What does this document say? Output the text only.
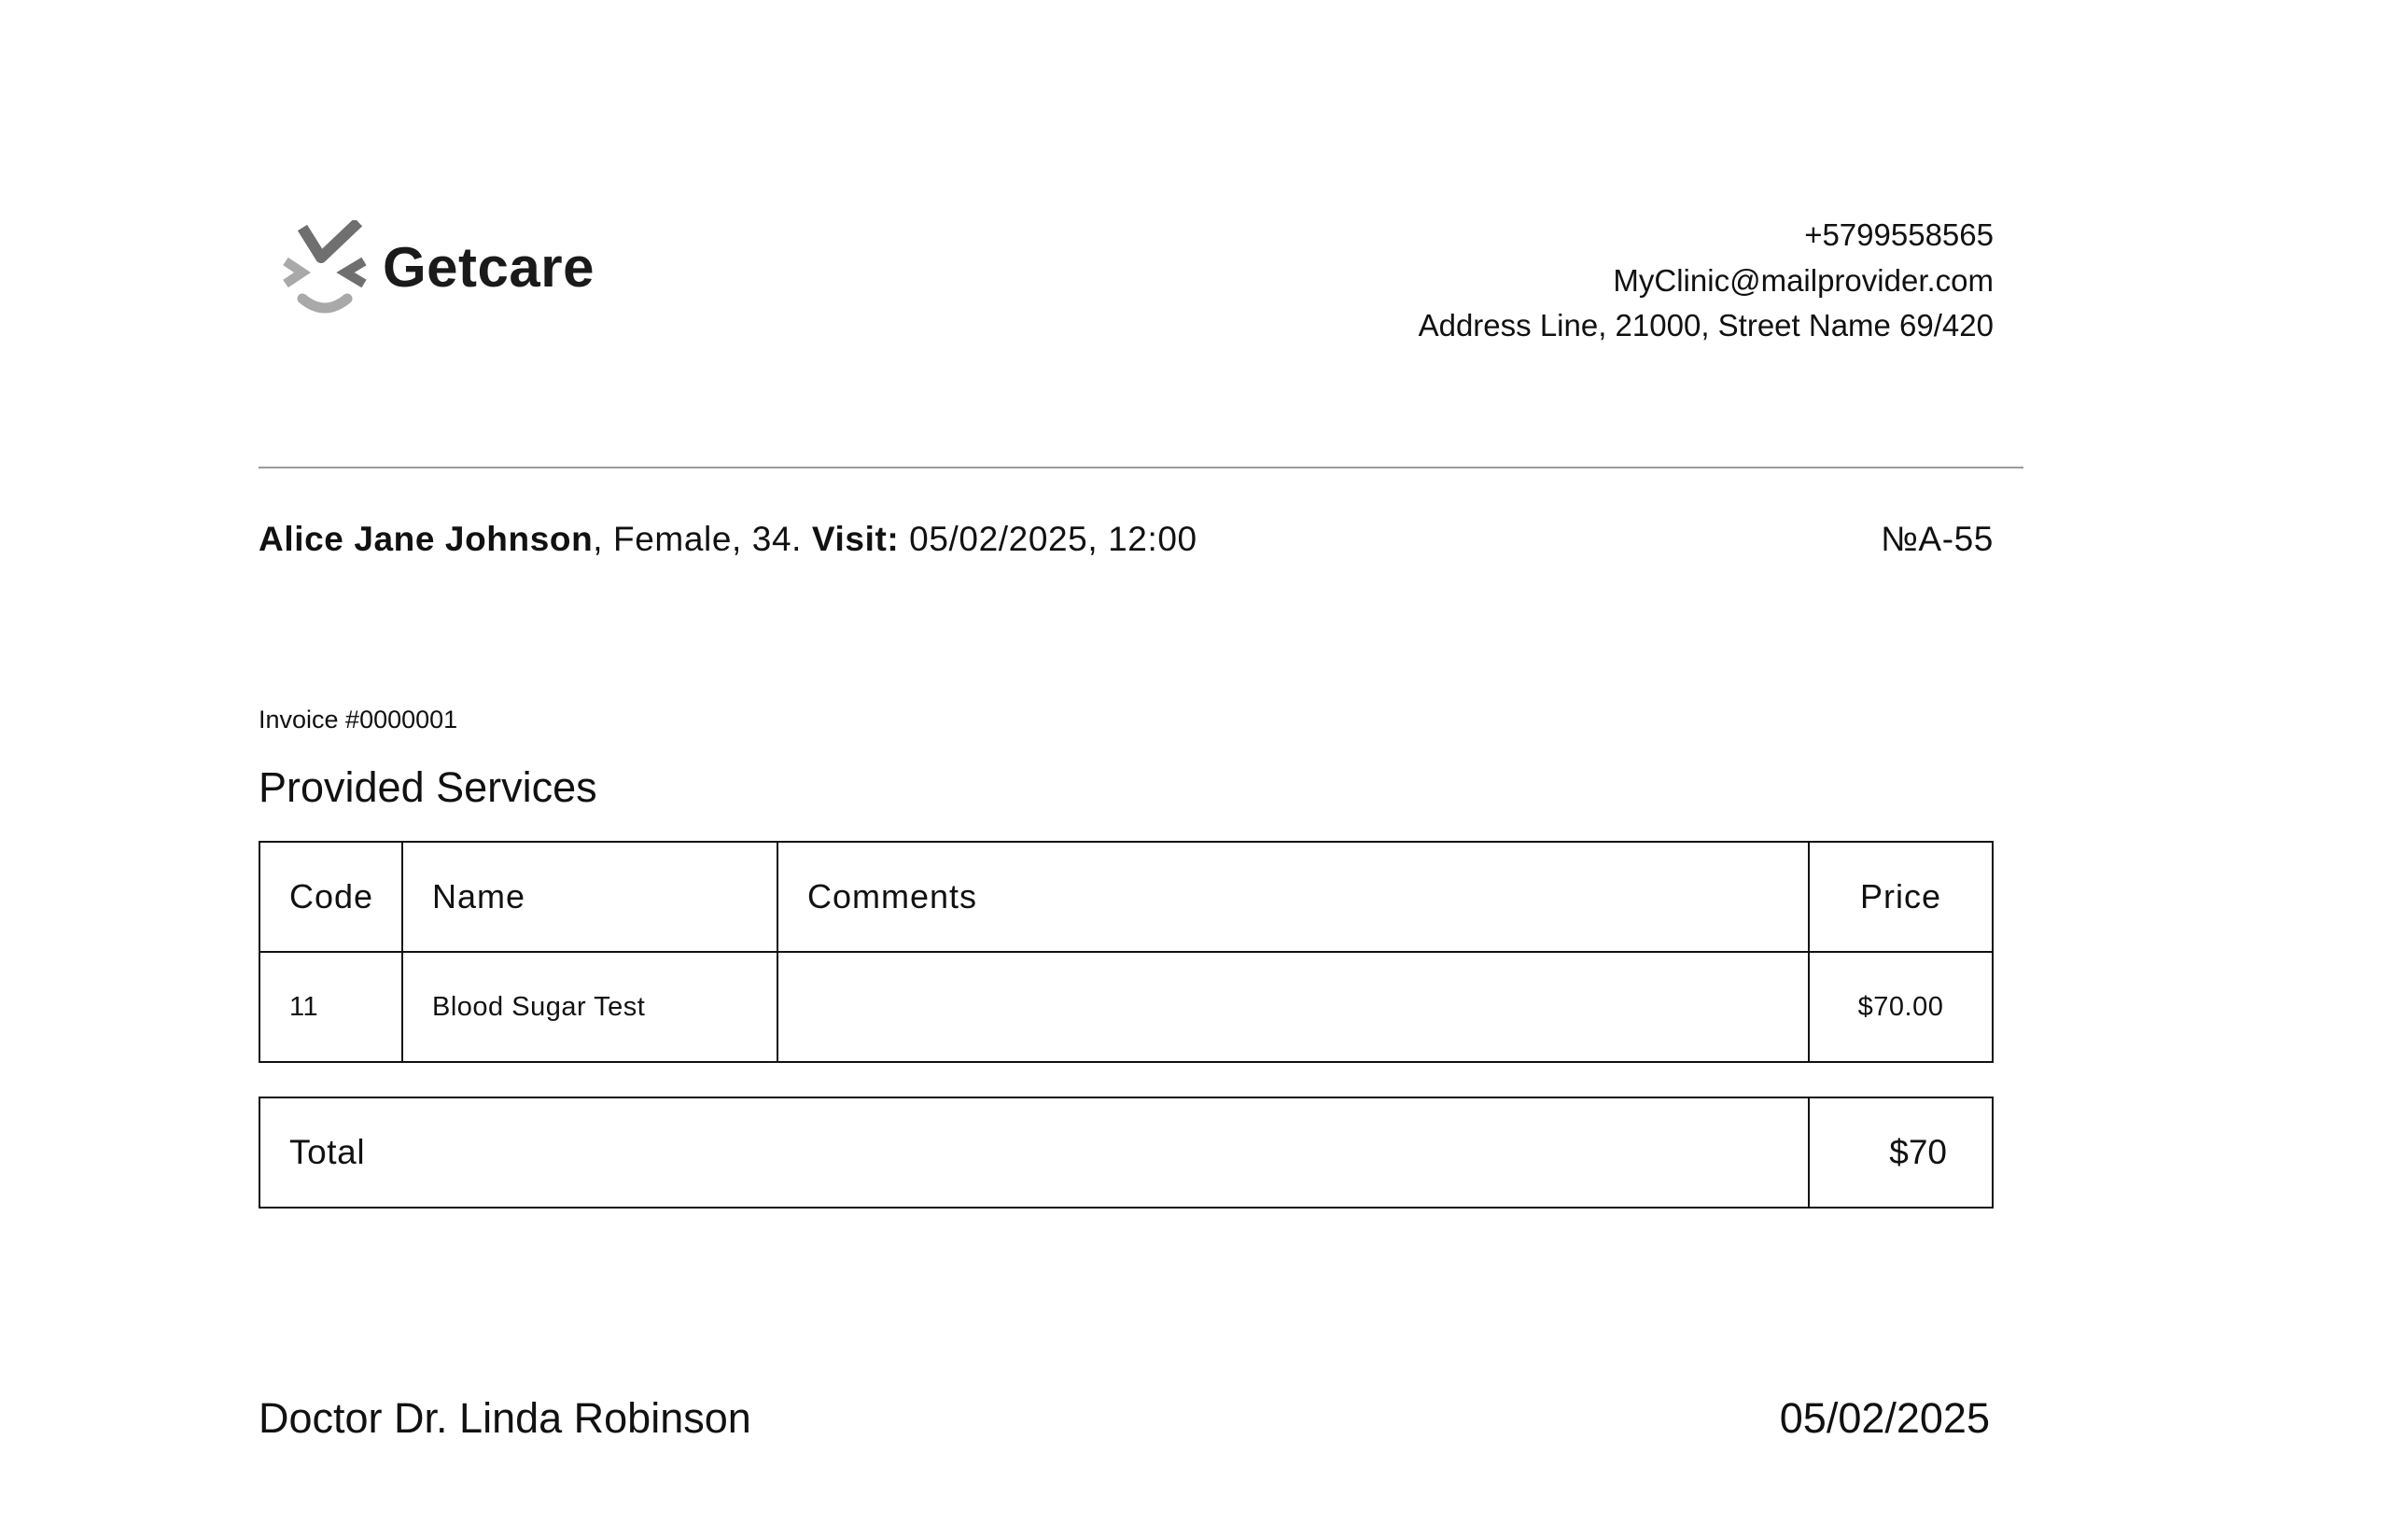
Getcare
+5799558565
MyClinic@mailprovider.com
Address Line, 21000, Street Name 69/420
Alice Jane Johnson, Female, 34. Visit: 05/02/2025, 12:00	№A-55
Invoice #0000001
Provided Services
Code	Name	Comments	Price
11	Blood Sugar Test		$70.00
Total	$70
Doctor Dr. Linda Robinson	05/02/2025
